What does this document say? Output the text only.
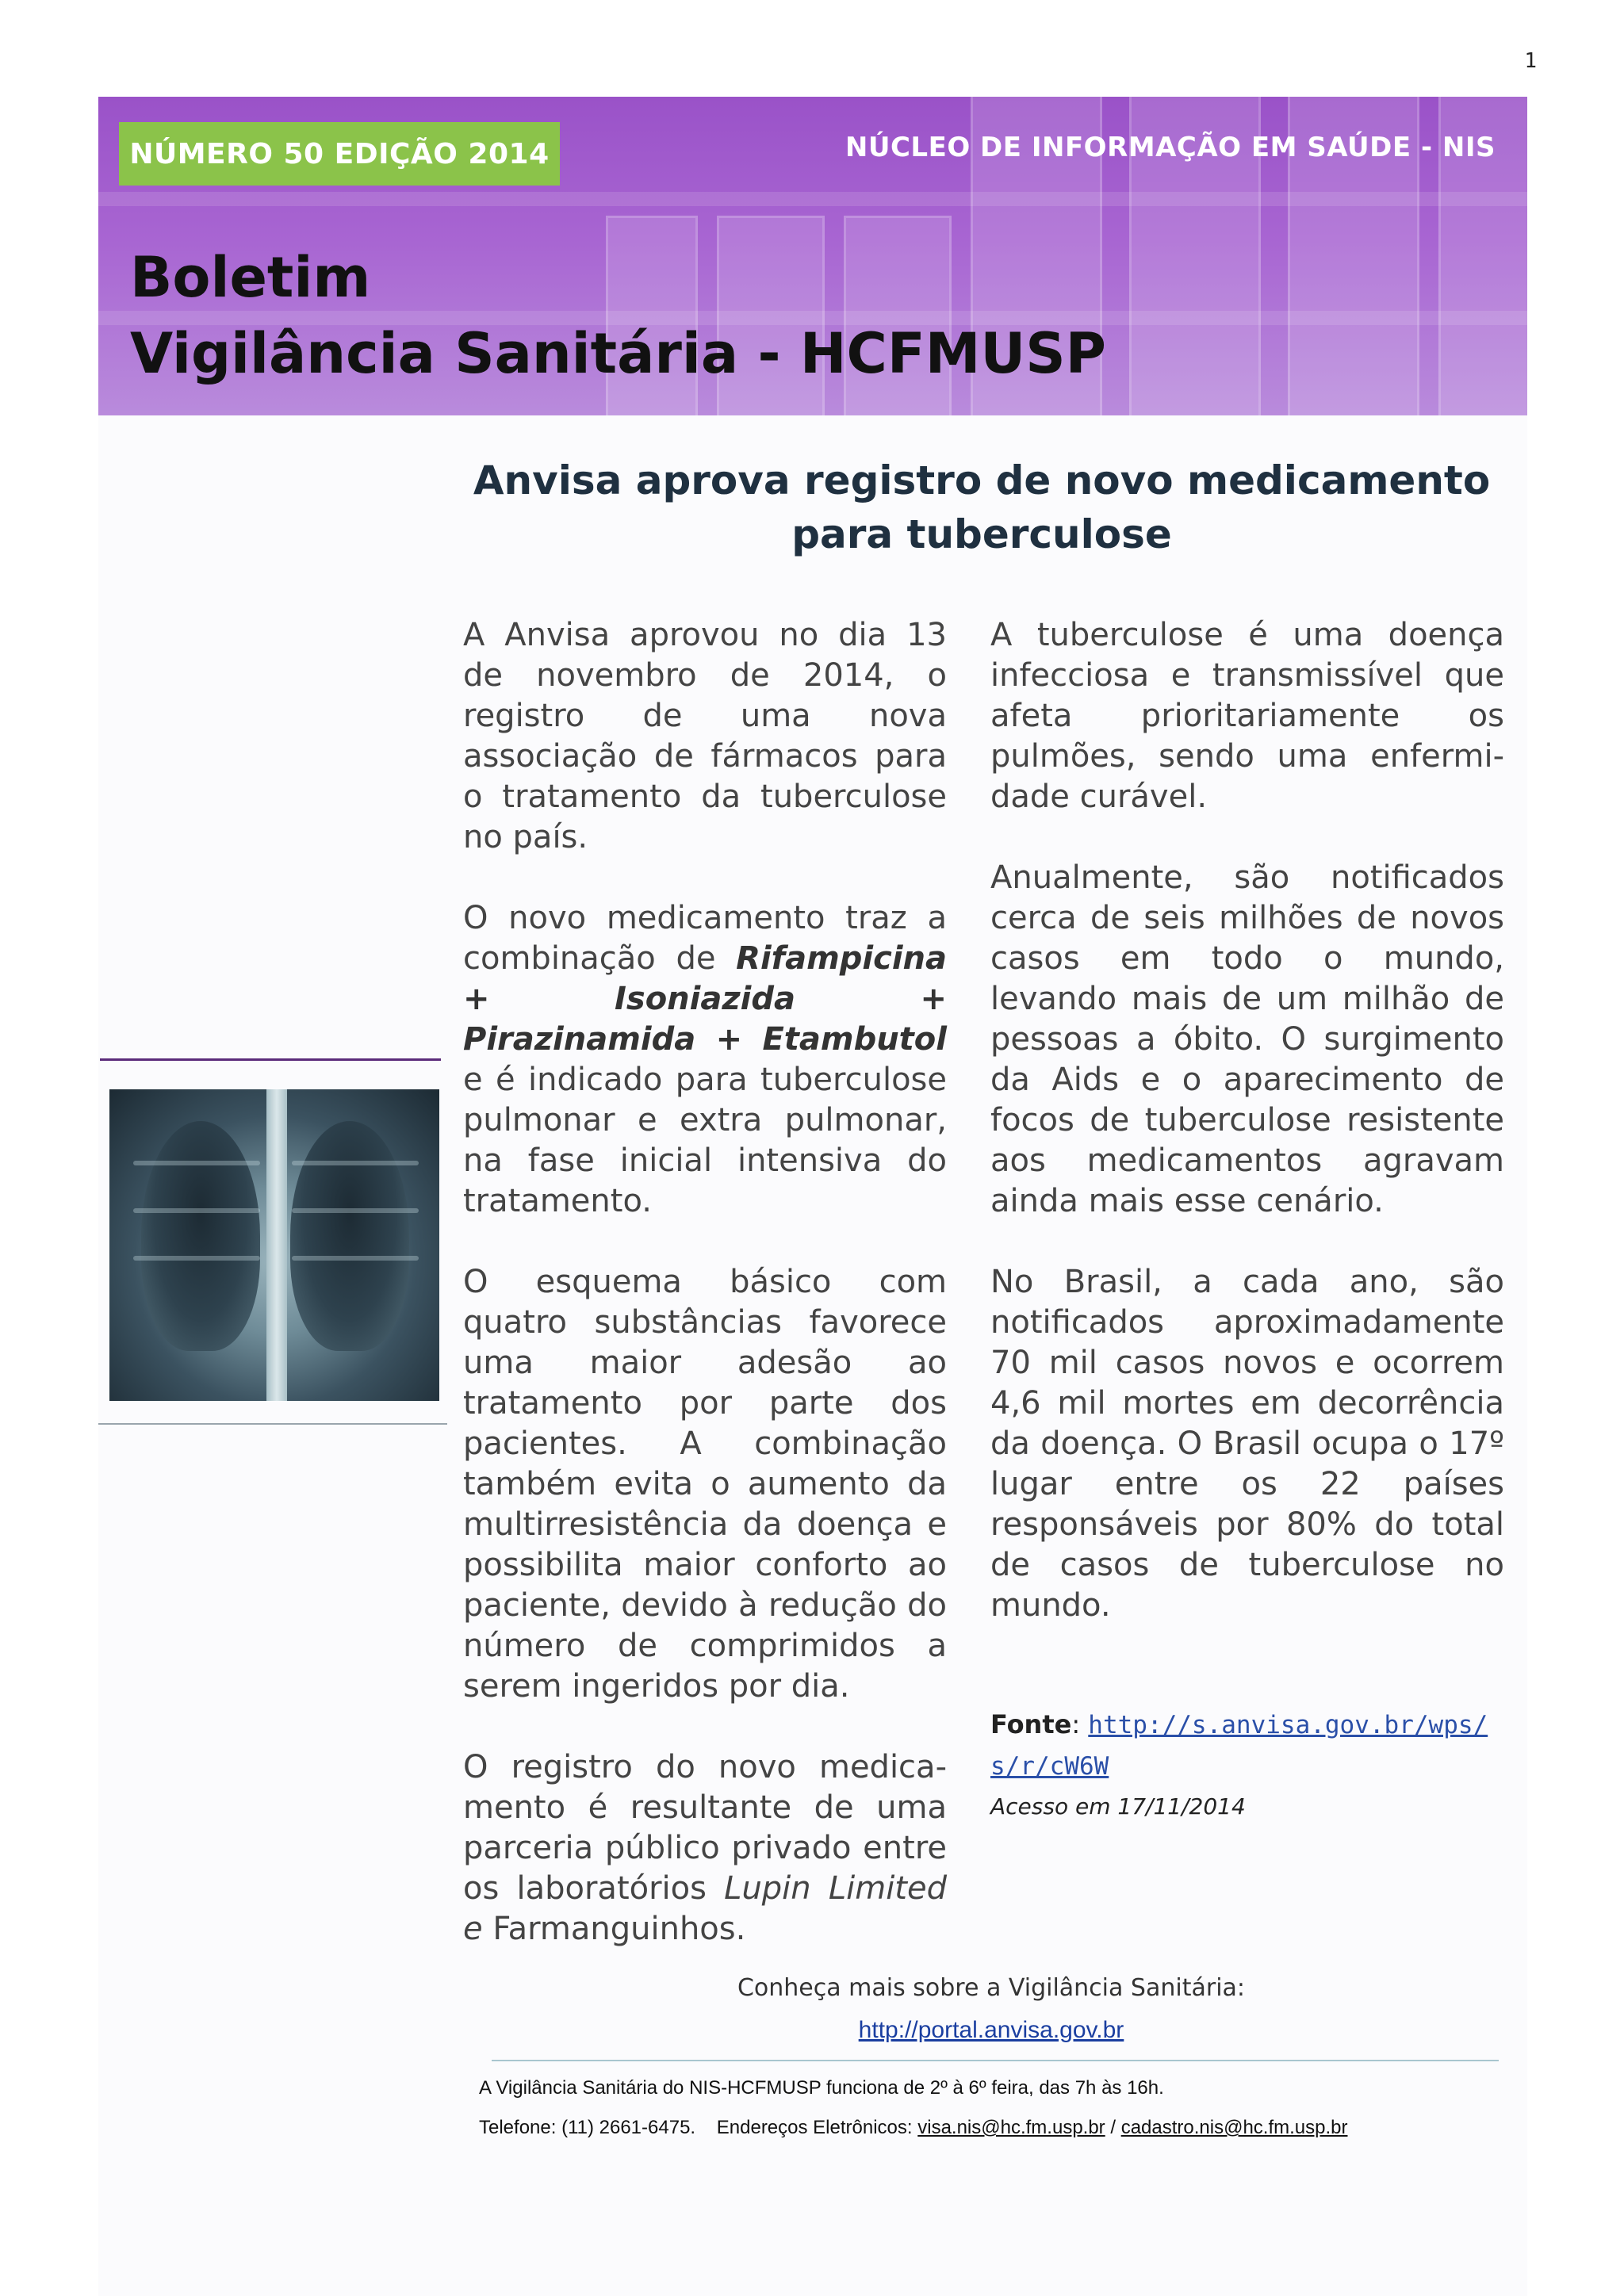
1
NÚMERO 50 EDIÇÃO 2014	NÚCLEO DE INFORMAÇÃO EM SAÚDE - NIS
Boletim
Vigilância Sanitária - HCFMUSP
Anvisa aprova registro de novo medicamento para tuberculose

A Anvisa aprovou no dia 13 de novembro de 2014, o registro de uma nova associação de fármacos para o tratamento da tuberculose no país.

O novo medicamento traz a combinação de Rifampicina + Isoniazida + Pirazinamida + Etambutol e é indicado para tuberculose pulmonar e extra pulmonar, na fase inicial intensiva do tratamento.

O esquema básico com quatro substâncias favorece uma maior adesão ao tratamento por parte dos pacientes. A combinação também evita o aumento da multirresistência da doença e possibilita maior conforto ao paciente, devido à redução do número de comprimidos a serem ingeridos por dia.

O registro do novo medica-mento é resultante de uma parceria público privado entre os laboratórios Lupin Limited e Farmanguinhos.

A tuberculose é uma doença infecciosa e transmissível que afeta prioritariamente os pulmões, sendo uma enfermi-dade curável.

Anualmente, são notificados cerca de seis milhões de novos casos em todo o mundo, levando mais de um milhão de pessoas a óbito. O surgimento da Aids e o aparecimento de focos de tuberculose resistente aos medicamentos agravam ainda mais esse cenário.

No Brasil, a cada ano, são notificados aproximadamente 70 mil casos novos e ocorrem 4,6 mil mortes em decorrência da doença. O Brasil ocupa o 17º lugar entre os 22 países responsáveis por 80% do total de casos de tuberculose no mundo.

Fonte: http://s.anvisa.gov.br/wps/s/r/cW6W
Acesso em 17/11/2014
Conheça mais sobre a Vigilância Sanitária:
http://portal.anvisa.gov.br
A Vigilância Sanitária do NIS-HCFMUSP funciona de 2º à 6º feira, das 7h às 16h.
Telefone: (11) 2661-6475. Endereços Eletrônicos: visa.nis@hc.fm.usp.br / cadastro.nis@hc.fm.usp.br
